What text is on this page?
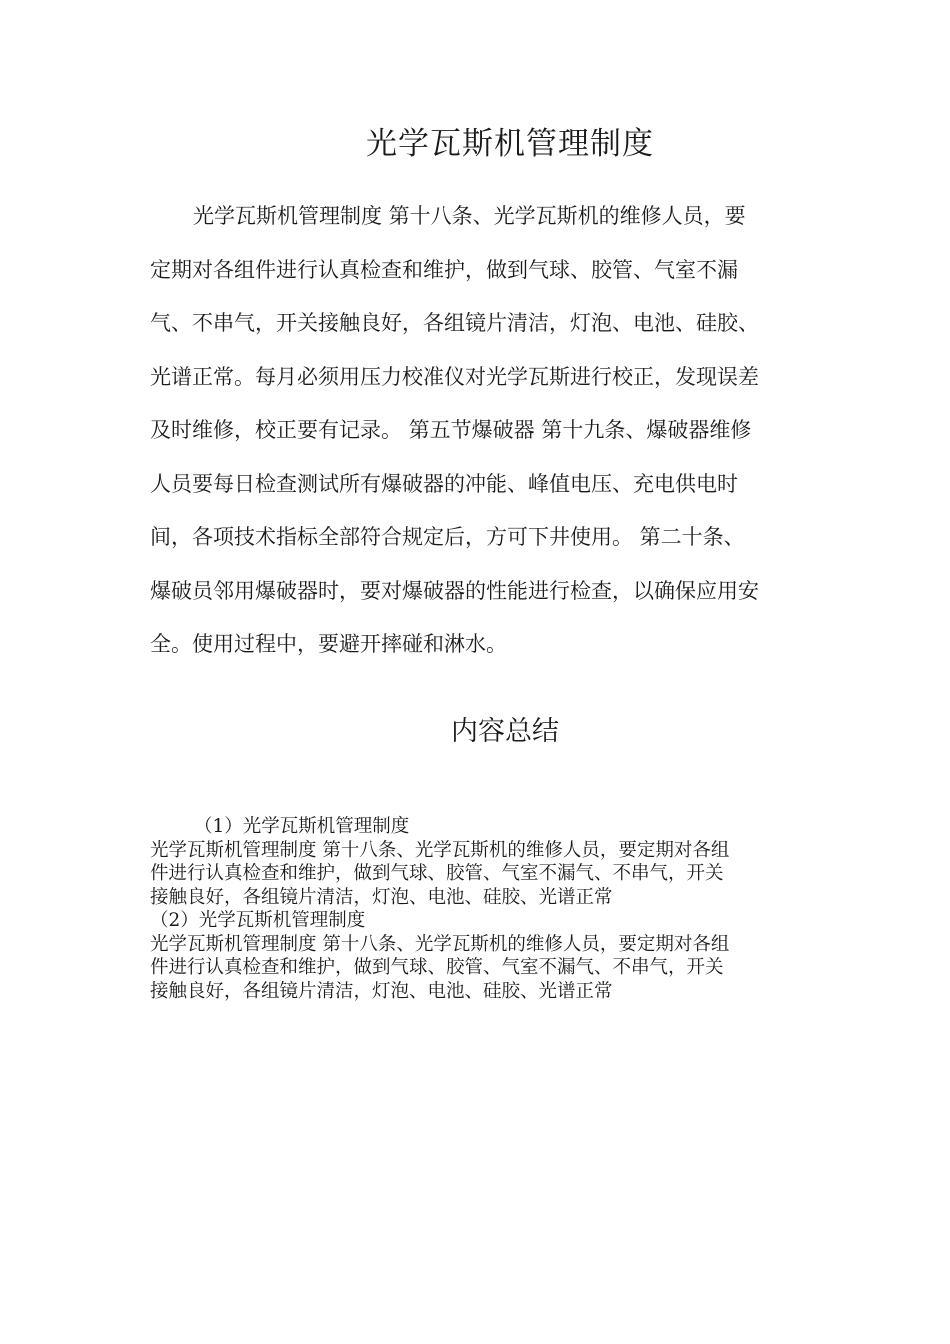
光学瓦斯机管理制度
光学瓦斯机管理制度 第十八条、光学瓦斯机的维修人员，要
定期对各组件进行认真检查和维护，做到气球、胶管、气室不漏
气、不串气，开关接触良好，各组镜片清洁，灯泡、电池、硅胶、
光谱正常。每月必须用压力校准仪对光学瓦斯进行校正，发现误差
及时维修，校正要有记录。 第五节爆破器 第十九条、爆破器维修
人员要每日检查测试所有爆破器的冲能、峰值电压、充电供电时
间，各项技术指标全部符合规定后，方可下井使用。 第二十条、
爆破员邻用爆破器时，要对爆破器的性能进行检查，以确保应用安
全。使用过程中，要避开摔碰和淋水。
内容总结
（1）光学瓦斯机管理制度
光学瓦斯机管理制度 第十八条、光学瓦斯机的维修人员，要定期对各组
件进行认真检查和维护，做到气球、胶管、气室不漏气、不串气，开关
接触良好，各组镜片清洁，灯泡、电池、硅胶、光谱正常
（2）光学瓦斯机管理制度
光学瓦斯机管理制度 第十八条、光学瓦斯机的维修人员，要定期对各组
件进行认真检查和维护，做到气球、胶管、气室不漏气、不串气，开关
接触良好，各组镜片清洁，灯泡、电池、硅胶、光谱正常
